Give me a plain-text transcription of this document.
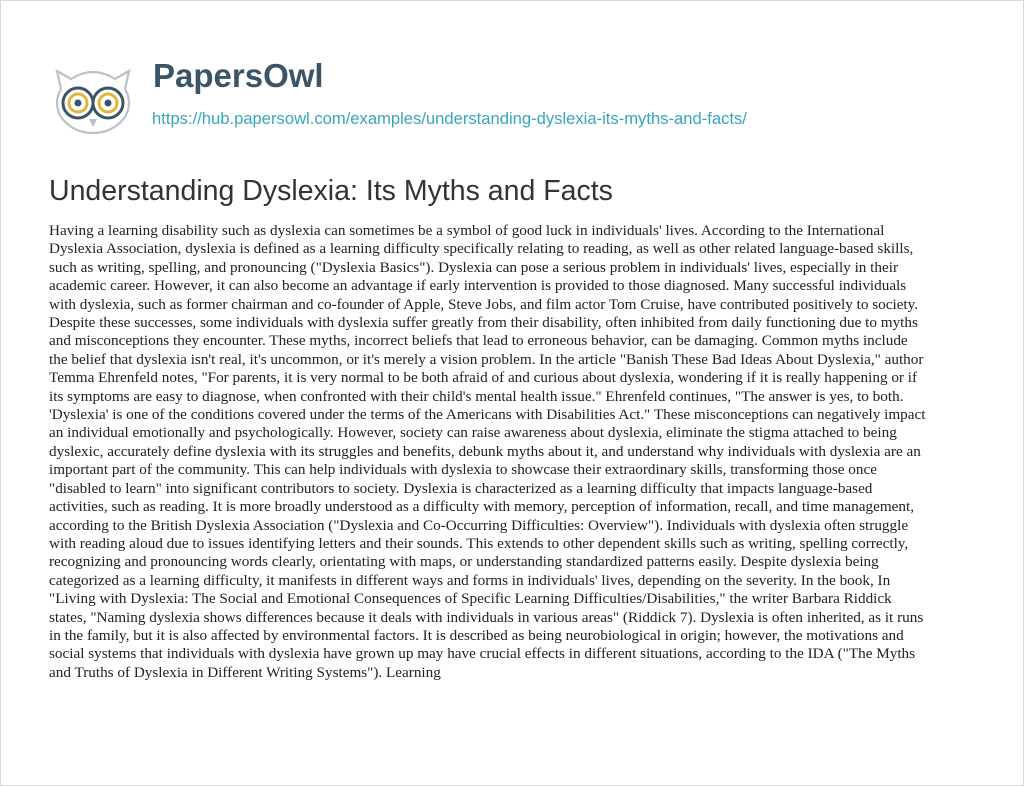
PapersOwl
https://hub.papersowl.com/examples/understanding-dyslexia-its-myths-and-facts/
Understanding Dyslexia: Its Myths and Facts
Having a learning disability such as dyslexia can sometimes be a symbol of good luck in individuals' lives. According to the International
Dyslexia Association, dyslexia is defined as a learning difficulty specifically relating to reading, as well as other related language-based skills,
such as writing, spelling, and pronouncing ("Dyslexia Basics"). Dyslexia can pose a serious problem in individuals' lives, especially in their
academic career. However, it can also become an advantage if early intervention is provided to those diagnosed. Many successful individuals
with dyslexia, such as former chairman and co-founder of Apple, Steve Jobs, and film actor Tom Cruise, have contributed positively to society.
Despite these successes, some individuals with dyslexia suffer greatly from their disability, often inhibited from daily functioning due to myths
and misconceptions they encounter. These myths, incorrect beliefs that lead to erroneous behavior, can be damaging. Common myths include
the belief that dyslexia isn't real, it's uncommon, or it's merely a vision problem. In the article "Banish These Bad Ideas About Dyslexia," author
Temma Ehrenfeld notes, "For parents, it is very normal to be both afraid of and curious about dyslexia, wondering if it is really happening or if
its symptoms are easy to diagnose, when confronted with their child's mental health issue." Ehrenfeld continues, "The answer is yes, to both.
'Dyslexia' is one of the conditions covered under the terms of the Americans with Disabilities Act." These misconceptions can negatively impact
an individual emotionally and psychologically. However, society can raise awareness about dyslexia, eliminate the stigma attached to being
dyslexic, accurately define dyslexia with its struggles and benefits, debunk myths about it, and understand why individuals with dyslexia are an
important part of the community. This can help individuals with dyslexia to showcase their extraordinary skills, transforming those once
"disabled to learn" into significant contributors to society. Dyslexia is characterized as a learning difficulty that impacts language-based
activities, such as reading. It is more broadly understood as a difficulty with memory, perception of information, recall, and time management,
according to the British Dyslexia Association ("Dyslexia and Co-Occurring Difficulties: Overview"). Individuals with dyslexia often struggle
with reading aloud due to issues identifying letters and their sounds. This extends to other dependent skills such as writing, spelling correctly,
recognizing and pronouncing words clearly, orientating with maps, or understanding standardized patterns easily. Despite dyslexia being
categorized as a learning difficulty, it manifests in different ways and forms in individuals' lives, depending on the severity. In the book, In
"Living with Dyslexia: The Social and Emotional Consequences of Specific Learning Difficulties/Disabilities," the writer Barbara Riddick
states, "Naming dyslexia shows differences because it deals with individuals in various areas" (Riddick 7). Dyslexia is often inherited, as it runs
in the family, but it is also affected by environmental factors. It is described as being neurobiological in origin; however, the motivations and
social systems that individuals with dyslexia have grown up may have crucial effects in different situations, according to the IDA ("The Myths
and Truths of Dyslexia in Different Writing Systems"). Learning
